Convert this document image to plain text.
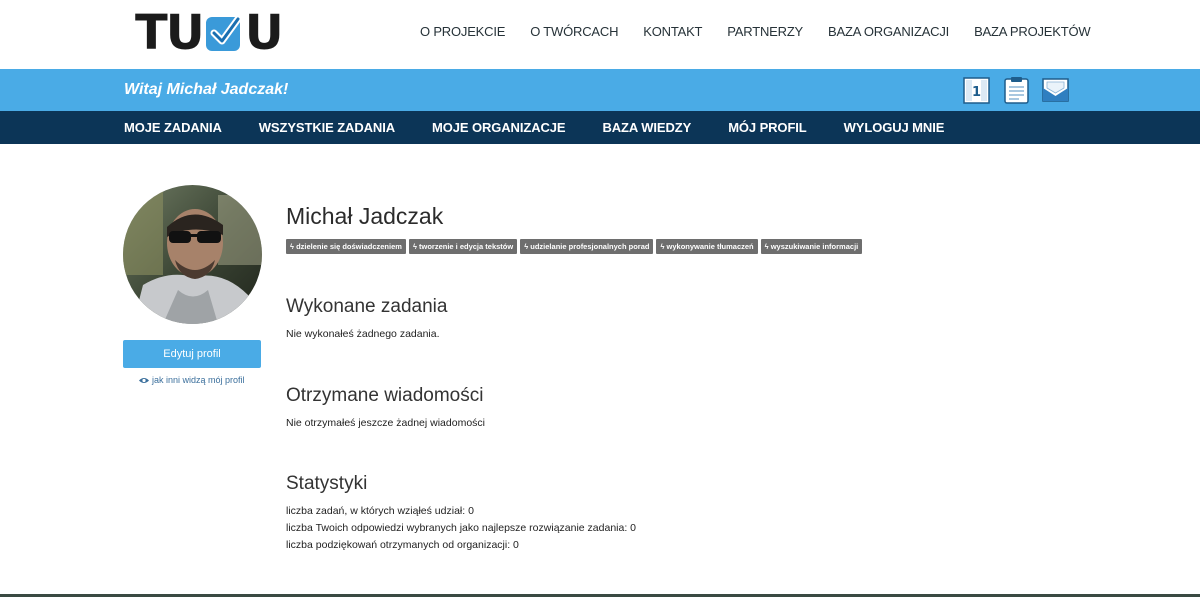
TU U	O PROJEKCIE O TWÓRCACH KONTAKT PARTNERZY BAZA ORGANIZACJI BAZA PROJEKTÓW
Witaj Michał Jadczak!	1
MOJE ZADANIA	WSZYSTKIE ZADANIA	MOJE ORGANIZACJE	BAZA WIEDZY	MÓJ PROFIL	WYLOGUJ MNIE
Edytuj profil
jak inni widzą mój profil
Michał Jadczak
ϟ dzielenie się doświadczeniem	ϟ tworzenie i edycja tekstów	ϟ udzielanie profesjonalnych porad	ϟ wykonywanie tłumaczeń	ϟ wyszukiwanie informacji
Wykonane zadania

Nie wykonałeś żadnego zadania.

Otrzymane wiadomości

Nie otrzymałeś jeszcze żadnej wiadomości

Statystyki

liczba zadań, w których wziąłeś udział: 0

liczba Twoich odpowiedzi wybranych jako najlepsze rozwiązanie zadania: 0

liczba podziękowań otrzymanych od organizacji: 0
